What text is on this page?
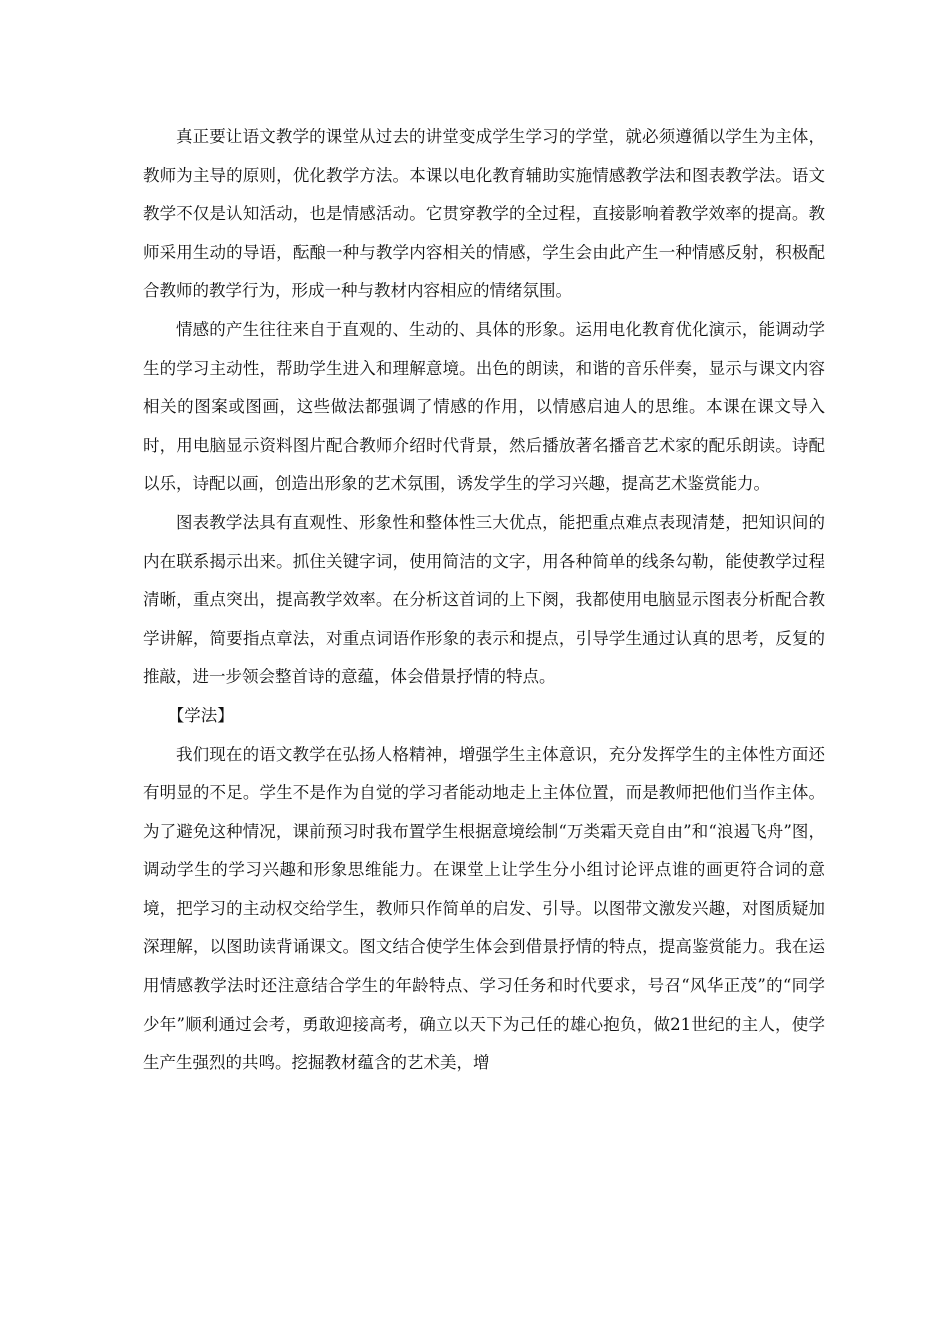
真正要让语文教学的课堂从过去的讲堂变成学生学习的学堂，就必须遵循以学生为主体，教师为主导的原则，优化教学方法。本课以电化教育辅助实施情感教学法和图表教学法。语文教学不仅是认知活动，也是情感活动。它贯穿教学的全过程，直接影响着教学效率的提高。教师采用生动的导语，酝酿一种与教学内容相关的情感，学生会由此产生一种情感反射，积极配合教师的教学行为，形成一种与教材内容相应的情绪氛围。

情感的产生往往来自于直观的、生动的、具体的形象。运用电化教育优化演示，能调动学生的学习主动性，帮助学生进入和理解意境。出色的朗读，和谐的音乐伴奏，显示与课文内容相关的图案或图画，这些做法都强调了情感的作用，以情感启迪人的思维。本课在课文导入时，用电脑显示资料图片配合教师介绍时代背景，然后播放著名播音艺术家的配乐朗读。诗配以乐，诗配以画，创造出形象的艺术氛围，诱发学生的学习兴趣，提高艺术鉴赏能力。

图表教学法具有直观性、形象性和整体性三大优点，能把重点难点表现清楚，把知识间的内在联系揭示出来。抓住关键字词，使用简洁的文字，用各种简单的线条勾勒，能使教学过程清晰，重点突出，提高教学效率。在分析这首词的上下阕，我都使用电脑显示图表分析配合教学讲解，简要指点章法，对重点词语作形象的表示和提点，引导学生通过认真的思考，反复的推敲，进一步领会整首诗的意蕴，体会借景抒情的特点。

【学法】

我们现在的语文教学在弘扬人格精神，增强学生主体意识，充分发挥学生的主体性方面还有明显的不足。学生不是作为自觉的学习者能动地走上主体位置，而是教师把他们当作主体。为了避免这种情况，课前预习时我布置学生根据意境绘制“万类霜天竞自由”和“浪遏飞舟”图，调动学生的学习兴趣和形象思维能力。在课堂上让学生分小组讨论评点谁的画更符合词的意境，把学习的主动权交给学生，教师只作简单的启发、引导。以图带文激发兴趣，对图质疑加深理解，以图助读背诵课文。图文结合使学生体会到借景抒情的特点，提高鉴赏能力。我在运用情感教学法时还注意结合学生的年龄特点、学习任务和时代要求，号召“风华正茂”的“同学少年”顺利通过会考，勇敢迎接高考，确立以天下为己任的雄心抱负，做21世纪的主人，使学生产生强烈的共鸣。挖掘教材蕴含的艺术美，增
